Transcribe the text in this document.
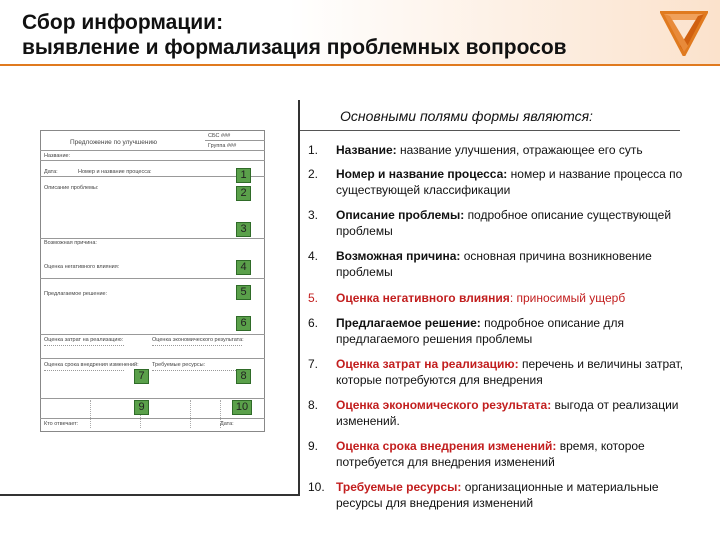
Сбор информации:
выявление и формализация проблемных вопросов
Предложение по улучшению
СБС ###
Группа ###
Название:
Дата:	Номер и название процесса:
Описание проблемы:
Возможная причина:
Оценка негативного влияния:
Предлагаемое решение:
Оценка затрат на реализацию:	Оценка экономического результата:
Оценка срока внедрения изменений: Требуемые ресурсы:
Кто отвечает:	Дата:
1
2
3
4
5
6
7	8
9	10
Основными полями формы являются:
1.	Название: название улучшения, отражающее его суть
2.	Номер и название процесса: номер и название процесса по существующей классификации
3.	Описание проблемы: подробное описание существующей проблемы
4.	Возможная причина: основная причина возникновение проблемы
5.	Оценка негативного влияния: приносимый ущерб
6.	Предлагаемое решение: подробное описание для предлагаемого решения проблемы
7.	Оценка затрат на реализацию: перечень и величины затрат, которые потребуются для внедрения
8.	Оценка экономического результата: выгода от реализации изменений.
9.	Оценка срока внедрения изменений: время, которое потребуется для внедрения изменений
10. Требуемые ресурсы: организационные и материальные ресурсы для внедрения изменений
